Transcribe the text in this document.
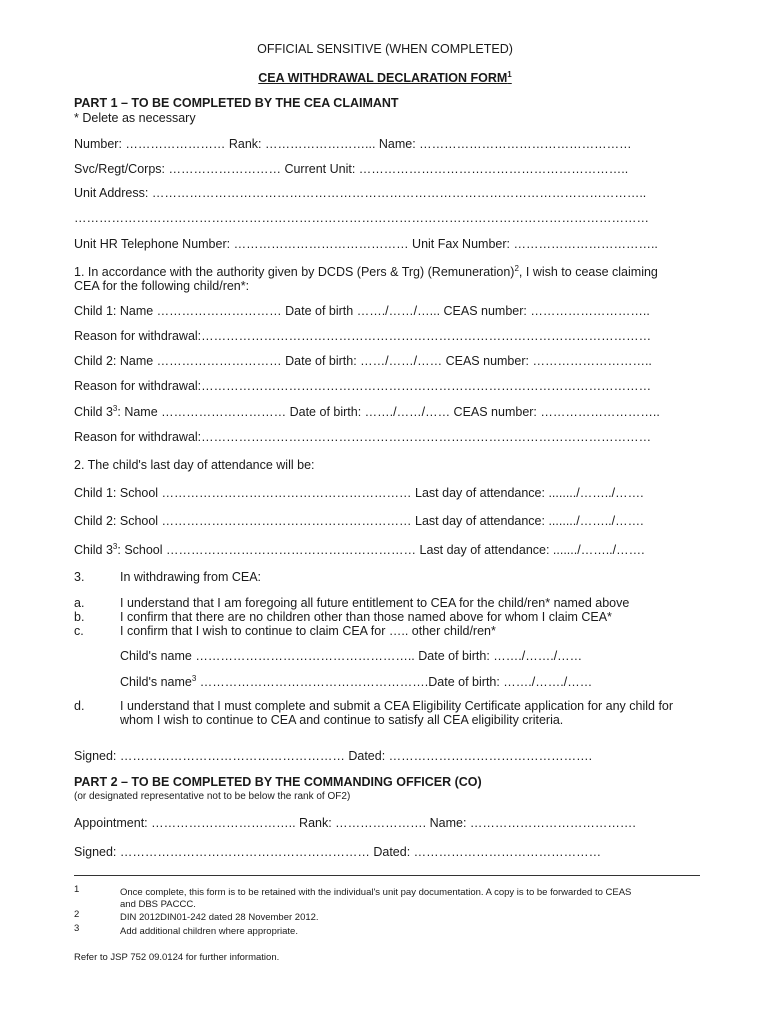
OFFICIAL SENSITIVE (WHEN COMPLETED)
CEA WITHDRAWAL DECLARATION FORM$^1$
PART 1 – TO BE COMPLETED BY THE CEA CLAIMANT
* Delete as necessary
Number: …………………… Rank: ……………………... Name: ……………………………………………
Svc/Regt/Corps: ……………………… Current Unit: ………………………………………………………..
Unit Address: ………………………………………………………………………………………………………..
…………………………………………………………………………………………………………………………
Unit HR Telephone Number: …………………………………… Unit Fax Number: ……………………………..
1. In accordance with the authority given by DCDS (Pers & Trg) (Remuneration)$^2$, I wish to cease claiming
CEA for the following child/ren*:
Child 1: Name ………………………… Date of birth ……./……/…... CEAS number: ………………………..
Reason for withdrawal:………………………………………………………………………………………………
Child 2: Name ………………………… Date of birth: ……/……/…… CEAS number: ………………………..
Reason for withdrawal:………………………………………………………………………………………………
Child $3^3$: Name ………………………… Date of birth: ……./……/…… CEAS number: ………………………..
Reason for withdrawal:………………………………………………………………………………………………
2. The child's last day of attendance will be:
Child 1: School …………………………………………………… Last day of attendance: ......../……../…….
Child 2: School …………………………………………………… Last day of attendance: ......../……../…….
Child $3^3$: School …………………………………………………… Last day of attendance: ......./……../…….
3.	In withdrawing from CEA:
a.	I understand that I am foregoing all future entitlement to CEA for the child/ren* named above
b.	I confirm that there are no children other than those named above for whom I claim CEA*
c.	I confirm that I wish to continue to claim CEA for ….. other child/ren*
Child's name …………………………………………….. Date of birth: ……./……./……
Child's name$^3$ ……………………………………………….Date of birth: ……./……./……
d.	I understand that I must complete and submit a CEA Eligibility Certificate application for any child for
whom I wish to continue to CEA and continue to satisfy all CEA eligibility criteria.
Signed: ……………………………………………… Dated: ………………………………………….
PART 2 – TO BE COMPLETED BY THE COMMANDING OFFICER (CO)
(or designated representative not to be below the rank of OF2)
Appointment: …………………………….. Rank: …………………. Name: ………………………………….
Signed: …………………………………………………… Dated: ………………………………………
1	Once complete, this form is to be retained with the individual's unit pay documentation. A copy is to be forwarded to CEAS
and DBS PACCC.
2	DIN 2012DIN01-242 dated 28 November 2012.
3	Add additional children where appropriate.
Refer to JSP 752 09.0124 for further information.
